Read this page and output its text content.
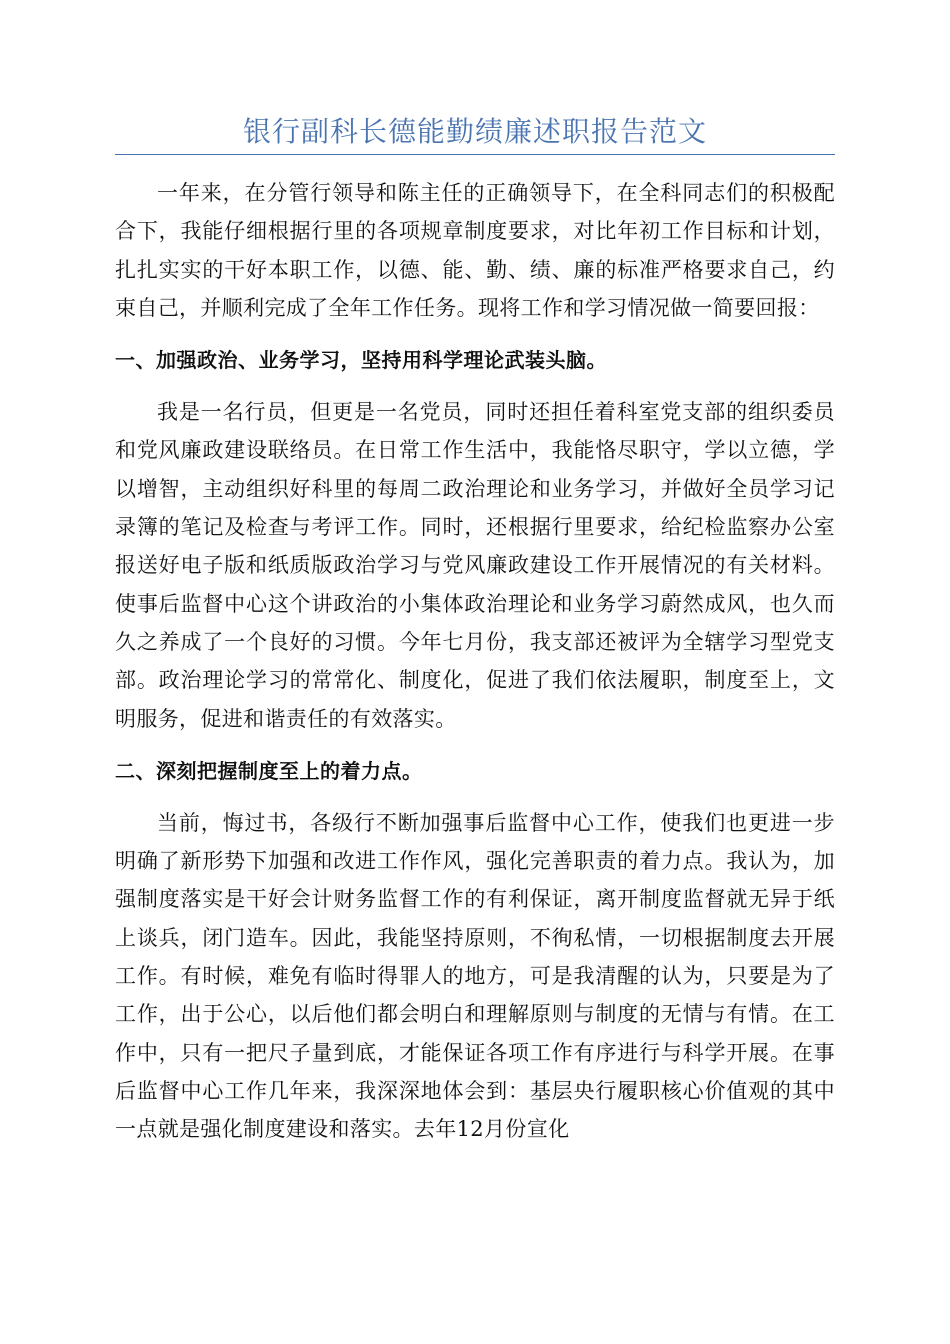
银行副科长德能勤绩廉述职报告范文

一年来，在分管行领导和陈主任的正确领导下，在全科同志们的积极配合下，我能仔细根据行里的各项规章制度要求，对比年初工作目标和计划，扎扎实实的干好本职工作，以德、能、勤、绩、廉的标准严格要求自己，约束自己，并顺利完成了全年工作任务。现将工作和学习情况做一简要回报：

一、加强政治、业务学习，坚持用科学理论武装头脑。

我是一名行员，但更是一名党员，同时还担任着科室党支部的组织委员和党风廉政建设联络员。在日常工作生活中，我能恪尽职守，学以立德，学以增智，主动组织好科里的每周二政治理论和业务学习，并做好全员学习记录簿的笔记及检查与考评工作。同时，还根据行里要求，给纪检监察办公室报送好电子版和纸质版政治学习与党风廉政建设工作开展情况的有关材料。使事后监督中心这个讲政治的小集体政治理论和业务学习蔚然成风，也久而久之养成了一个良好的习惯。今年七月份，我支部还被评为全辖学习型党支部。政治理论学习的常常化、制度化，促进了我们依法履职，制度至上，文明服务，促进和谐责任的有效落实。

二、深刻把握制度至上的着力点。

当前，悔过书，各级行不断加强事后监督中心工作，使我们也更进一步明确了新形势下加强和改进工作作风，强化完善职责的着力点。我认为，加强制度落实是干好会计财务监督工作的有利保证，离开制度监督就无异于纸上谈兵，闭门造车。因此，我能坚持原则，不徇私情，一切根据制度去开展工作。有时候，难免有临时得罪人的地方，可是我清醒的认为，只要是为了工作，出于公心，以后他们都会明白和理解原则与制度的无情与有情。在工作中，只有一把尺子量到底，才能保证各项工作有序进行与科学开展。在事后监督中心工作几年来，我深深地体会到：基层央行履职核心价值观的其中一点就是强化制度建设和落实。去年12月份宣化
